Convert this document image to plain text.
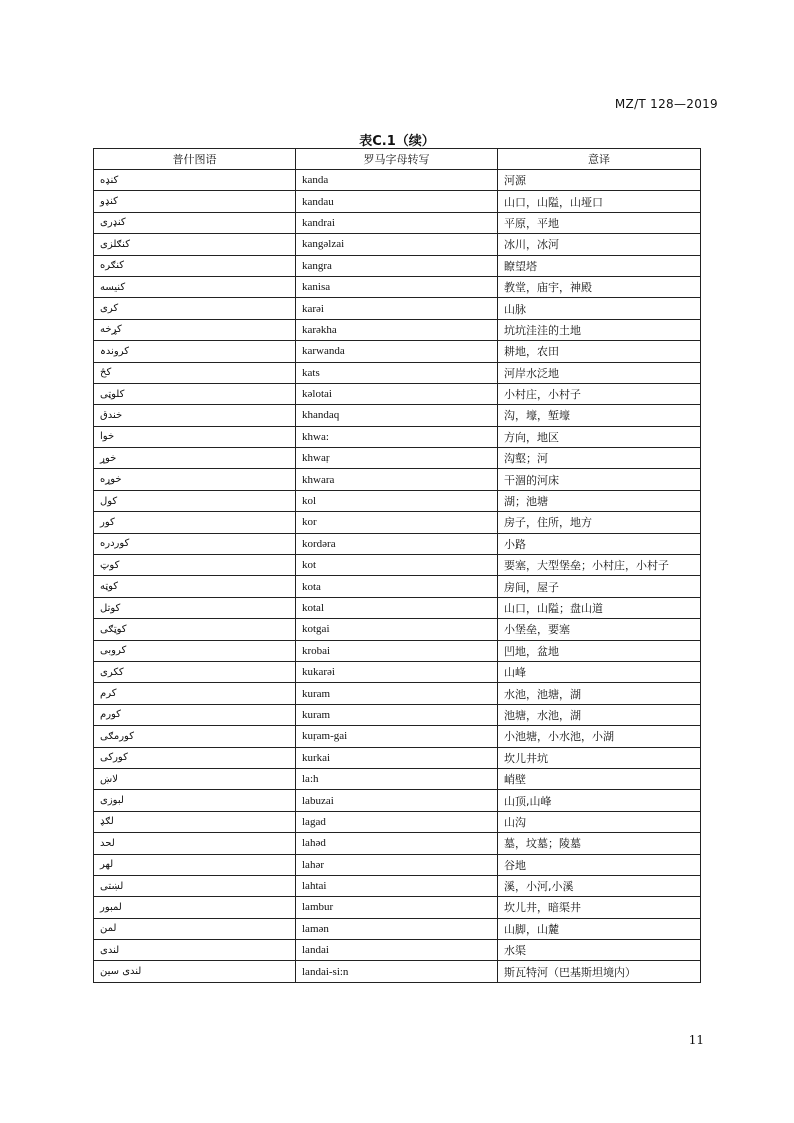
MZ/T 128—2019
表C.1（续）
普什图语	罗马字母转写	意译
کنډه	kanda	河源
کنډو	kandau	山口，山隘，山垭口
کنډرى	kandrai	平原，平地
کنګلزى	kangəlzai	冰川，冰河
کنګره	kangra	瞭望塔
کنيسه	kanisa	教堂，庙宇，神殿
کرى	karəi	山脉
کړخه	karəkha	坑坑洼洼的土地
کروندہ	karwanda	耕地，农田
کڅ	kats	河岸水泛地
کلوټى	kəlotai	小村庄，小村子
خندق	khandaq	沟，壕，堑壕
خوا	khwa:	方向，地区
خوړ	khwaṛ	沟壑；河
خوړه	khwara	干涸的河床
کول	kol	湖；池塘
کور	kor	房子，住所，地方
کوردره	kordəra	小路
کوټ	kot	要塞，大型堡垒；小村庄，小村子
کوټه	kota	房间，屋子
کوتل	kotal	山口，山隘；盘山道
کوټګى	kotgai	小堡垒，要塞
کروبى	krobai	凹地，盆地
ککرى	kukarəi	山峰
کرم	kuram	水池，池塘，湖
کورم	kuram	池塘，水池，湖
کورمګى	kuṛam-gai	小池塘，小水池，小湖
کورکى	kurkai	坎儿井坑
لاښ	la:h	峭壁
لبوزى	labuzai	山顶,山峰
لګډ	lagad	山沟
لحد	lahəd	墓，坟墓；陵墓
لهر	lahər	谷地
لښتى	lahtai	溪，小河,小溪
لمبور	lambur	坎儿井，暗渠井
لمن	lamən	山脚，山麓
لندى	landai	水渠
لندى سين	landai-si:n	斯瓦特河（巴基斯坦境内）
11
